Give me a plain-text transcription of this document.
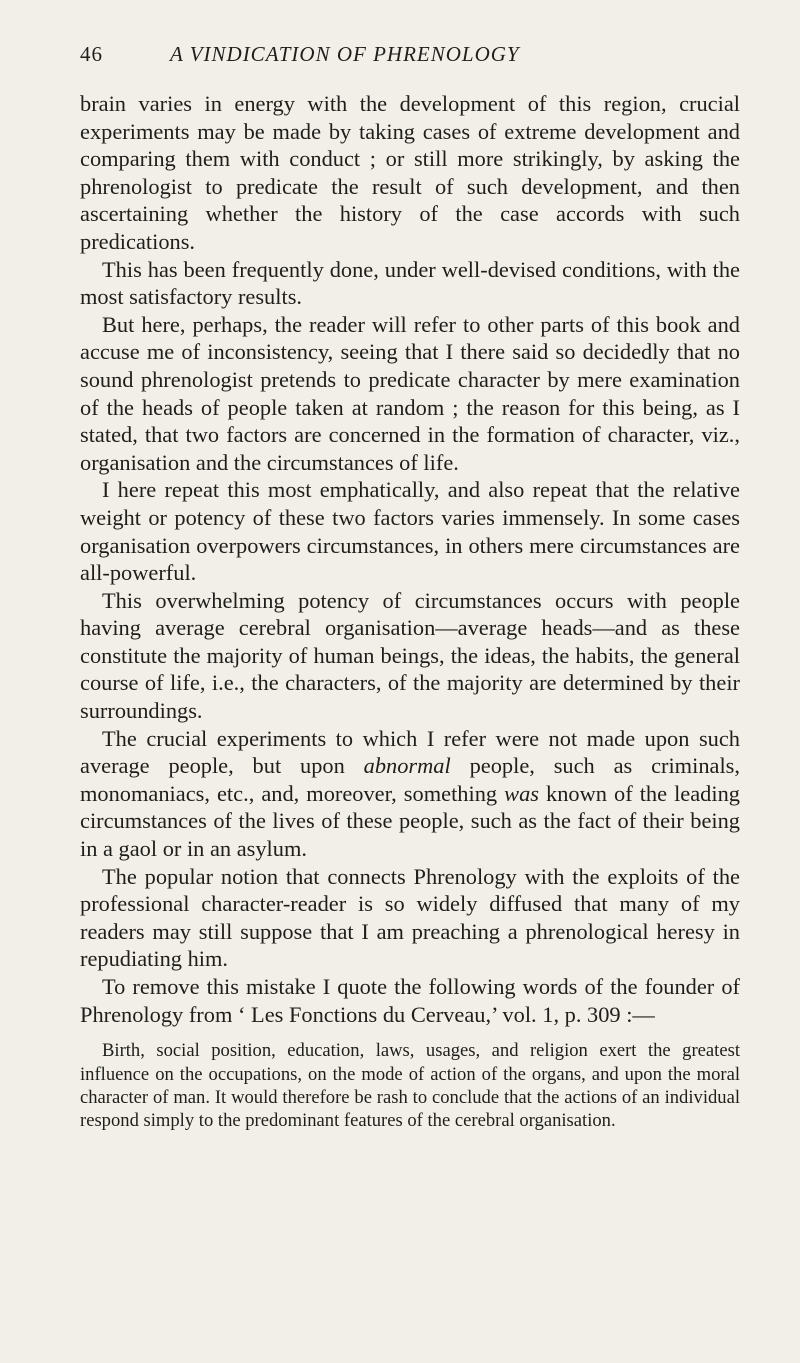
46	A VINDICATION OF PHRENOLOGY

brain varies in energy with the development of this region, crucial experiments may be made by taking cases of extreme development and comparing them with conduct ; or still more strikingly, by asking the phrenologist to predicate the result of such development, and then ascertaining whether the history of the case accords with such predications.

This has been frequently done, under well-devised conditions, with the most satisfactory results.

But here, perhaps, the reader will refer to other parts of this book and accuse me of inconsistency, seeing that I there said so decidedly that no sound phrenologist pretends to predicate character by mere examination of the heads of people taken at random ; the reason for this being, as I stated, that two factors are concerned in the formation of character, viz., organisation and the circumstances of life.

I here repeat this most emphatically, and also repeat that the relative weight or potency of these two factors varies immensely. In some cases organisation overpowers circumstances, in others mere circumstances are all-powerful.

This overwhelming potency of circumstances occurs with people having average cerebral organisation—average heads—and as these constitute the majority of human beings, the ideas, the habits, the general course of life, i.e., the characters, of the majority are determined by their surroundings.

The crucial experiments to which I refer were not made upon such average people, but upon abnormal people, such as criminals, monomaniacs, etc., and, moreover, something was known of the leading circumstances of the lives of these people, such as the fact of their being in a gaol or in an asylum.

The popular notion that connects Phrenology with the exploits of the professional character-reader is so widely diffused that many of my readers may still suppose that I am preaching a phrenological heresy in repudiating him.

To remove this mistake I quote the following words of the founder of Phrenology from ‘ Les Fonctions du Cerveau,’ vol. 1, p. 309 :—

Birth, social position, education, laws, usages, and religion exert the greatest influence on the occupations, on the mode of action of the organs, and upon the moral character of man. It would therefore be rash to conclude that the actions of an individual respond simply to the predominant features of the cerebral organisation.
